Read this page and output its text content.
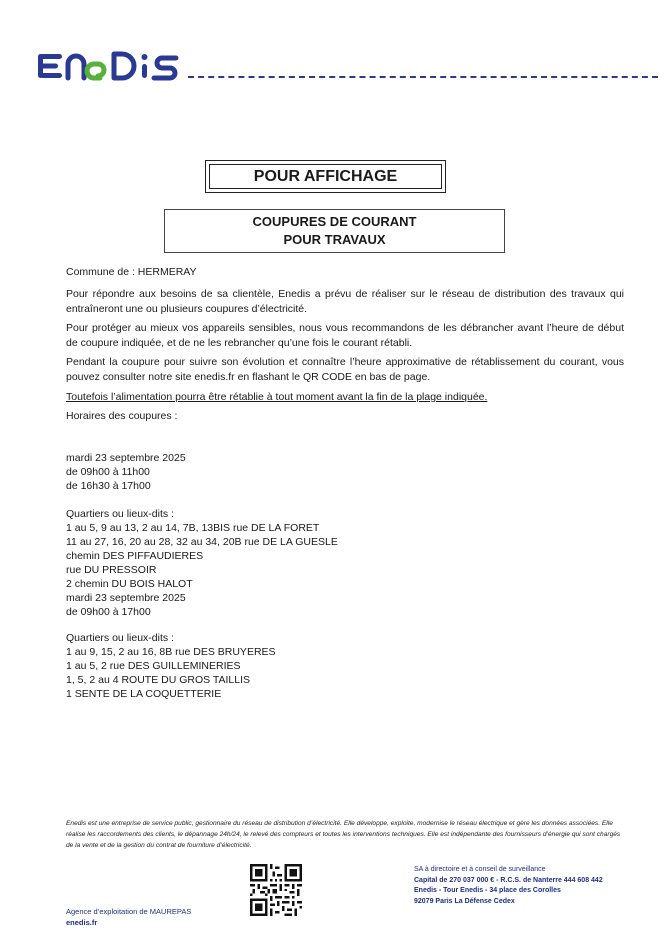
POUR AFFICHAGE
COUPURES DE COURANT
POUR TRAVAUX
Commune de : HERMERAY
Pour répondre aux besoins de sa clientèle, Enedis a prévu de réaliser sur le réseau de distribution des travaux qui entraîneront une ou plusieurs coupures d’électricité.
Pour protéger au mieux vos appareils sensibles, nous vous recommandons de les débrancher avant l’heure de début de coupure indiquée, et de ne les rebrancher qu’une fois le courant rétabli.
Pendant la coupure pour suivre son évolution et connaître l’heure approximative de rétablissement du courant, vous pouvez consulter notre site enedis.fr en flashant le QR CODE en bas de page.
Toutefois l’alimentation pourra être rétablie à tout moment avant la fin de la plage indiquée.
Horaires des coupures :
mardi 23 septembre 2025
de 09h00 à 11h00
de 16h30 à 17h00
Quartiers ou lieux-dits :
1 au 5, 9 au 13, 2 au 14, 7B, 13BIS rue DE LA FORET
11 au 27, 16, 20 au 28, 32 au 34, 20B rue DE LA GUESLE
chemin DES PIFFAUDIERES
rue DU PRESSOIR
2 chemin DU BOIS HALOT
mardi 23 septembre 2025
de 09h00 à 17h00
Quartiers ou lieux-dits :
1 au 9, 15, 2 au 16, 8B rue DES BRUYERES
1 au 5, 2 rue DES GUILLEMINERIES
1, 5, 2 au 4 ROUTE DU GROS TAILLIS
1 SENTE DE LA COQUETTERIE
Enedis est une entreprise de service public, gestionnaire du réseau de distribution d’électricité. Elle développe, exploite, modernise le réseau électrique et gère les données associées. Elle réalise les raccordements des clients, le dépannage 24h/24, le relevé des compteurs et toutes les interventions techniques. Elle est indépendante des fournisseurs d’énergie qui sont chargés de la vente et de la gestion du contrat de fourniture d’électricité.
Agence d’exploitation de MAUREPAS
enedis.fr
SA à directoire et à conseil de surveillance
Capital de 270 037 000 € - R.C.S. de Nanterre 444 608 442
Enedis - Tour Enedis - 34 place des Corolles
92079 Paris La Défense Cedex
